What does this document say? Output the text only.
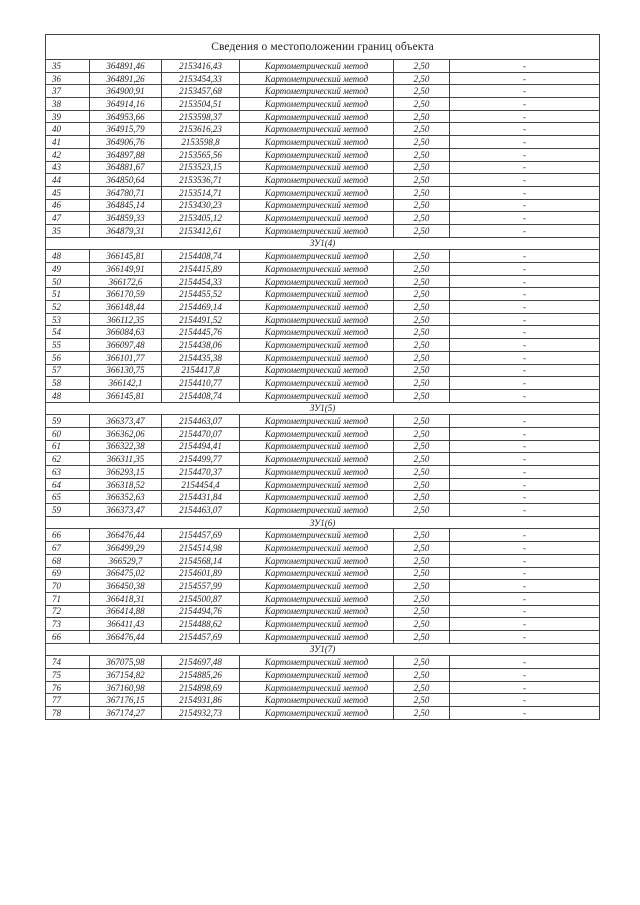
Сведения о местоположении границ объекта					
35	364891,46	2153416,43	Картометрический метод	2,50	-
36	364891,26	2153454,33	Картометрический метод	2,50	-
37	364900,91	2153457,68	Картометрический метод	2,50	-
38	364914,16	2153504,51	Картометрический метод	2,50	-
39	364953,66	2153598,37	Картометрический метод	2,50	-
40	364915,79	2153616,23	Картометрический метод	2,50	-
41	364906,76	2153598,8	Картометрический метод	2,50	-
42	364897,88	2153565,56	Картометрический метод	2,50	-
43	364881,67	2153523,15	Картометрический метод	2,50	-
44	364850,64	2153536,71	Картометрический метод	2,50	-
45	364780,71	2153514,71	Картометрический метод	2,50	-
46	364845,14	2153430,23	Картометрический метод	2,50	-
47	364859,33	2153405,12	Картометрический метод	2,50	-
35	364879,31	2153412,61	Картометрический метод	2,50	-
ЗУ1(4)					
48	366145,81	2154408,74	Картометрический метод	2,50	-
49	366149,91	2154415,89	Картометрический метод	2,50	-
50	366172,6	2154454,33	Картометрический метод	2,50	-
51	366170,59	2154455,52	Картометрический метод	2,50	-
52	366148,44	2154469,14	Картометрический метод	2,50	-
53	366112,35	2154491,52	Картометрический метод	2,50	-
54	366084,63	2154445,76	Картометрический метод	2,50	-
55	366097,48	2154438,06	Картометрический метод	2,50	-
56	366101,77	2154435,38	Картометрический метод	2,50	-
57	366130,75	2154417,8	Картометрический метод	2,50	-
58	366142,1	2154410,77	Картометрический метод	2,50	-
48	366145,81	2154408,74	Картометрический метод	2,50	-
ЗУ1(5)					
59	366373,47	2154463,07	Картометрический метод	2,50	-
60	366362,06	2154470,07	Картометрический метод	2,50	-
61	366322,38	2154494,41	Картометрический метод	2,50	-
62	366311,35	2154499,77	Картометрический метод	2,50	-
63	366293,15	2154470,37	Картометрический метод	2,50	-
64	366318,52	2154454,4	Картометрический метод	2,50	-
65	366352,63	2154431,84	Картометрический метод	2,50	-
59	366373,47	2154463,07	Картометрический метод	2,50	-
ЗУ1(6)					
66	366476,44	2154457,69	Картометрический метод	2,50	-
67	366499,29	2154514,98	Картометрический метод	2,50	-
68	366529,7	2154568,14	Картометрический метод	2,50	-
69	366475,02	2154601,89	Картометрический метод	2,50	-
70	366450,38	2154557,99	Картометрический метод	2,50	-
71	366418,31	2154500,87	Картометрический метод	2,50	-
72	366414,88	2154494,76	Картометрический метод	2,50	-
73	366411,43	2154488,62	Картометрический метод	2,50	-
66	366476,44	2154457,69	Картометрический метод	2,50	-
ЗУ1(7)					
74	367075,98	2154697,48	Картометрический метод	2,50	-
75	367154,82	2154885,26	Картометрический метод	2,50	-
76	367160,98	2154898,69	Картометрический метод	2,50	-
77	367176,15	2154931,86	Картометрический метод	2,50	-
78	367174,27	2154932,73	Картометрический метод	2,50	-
